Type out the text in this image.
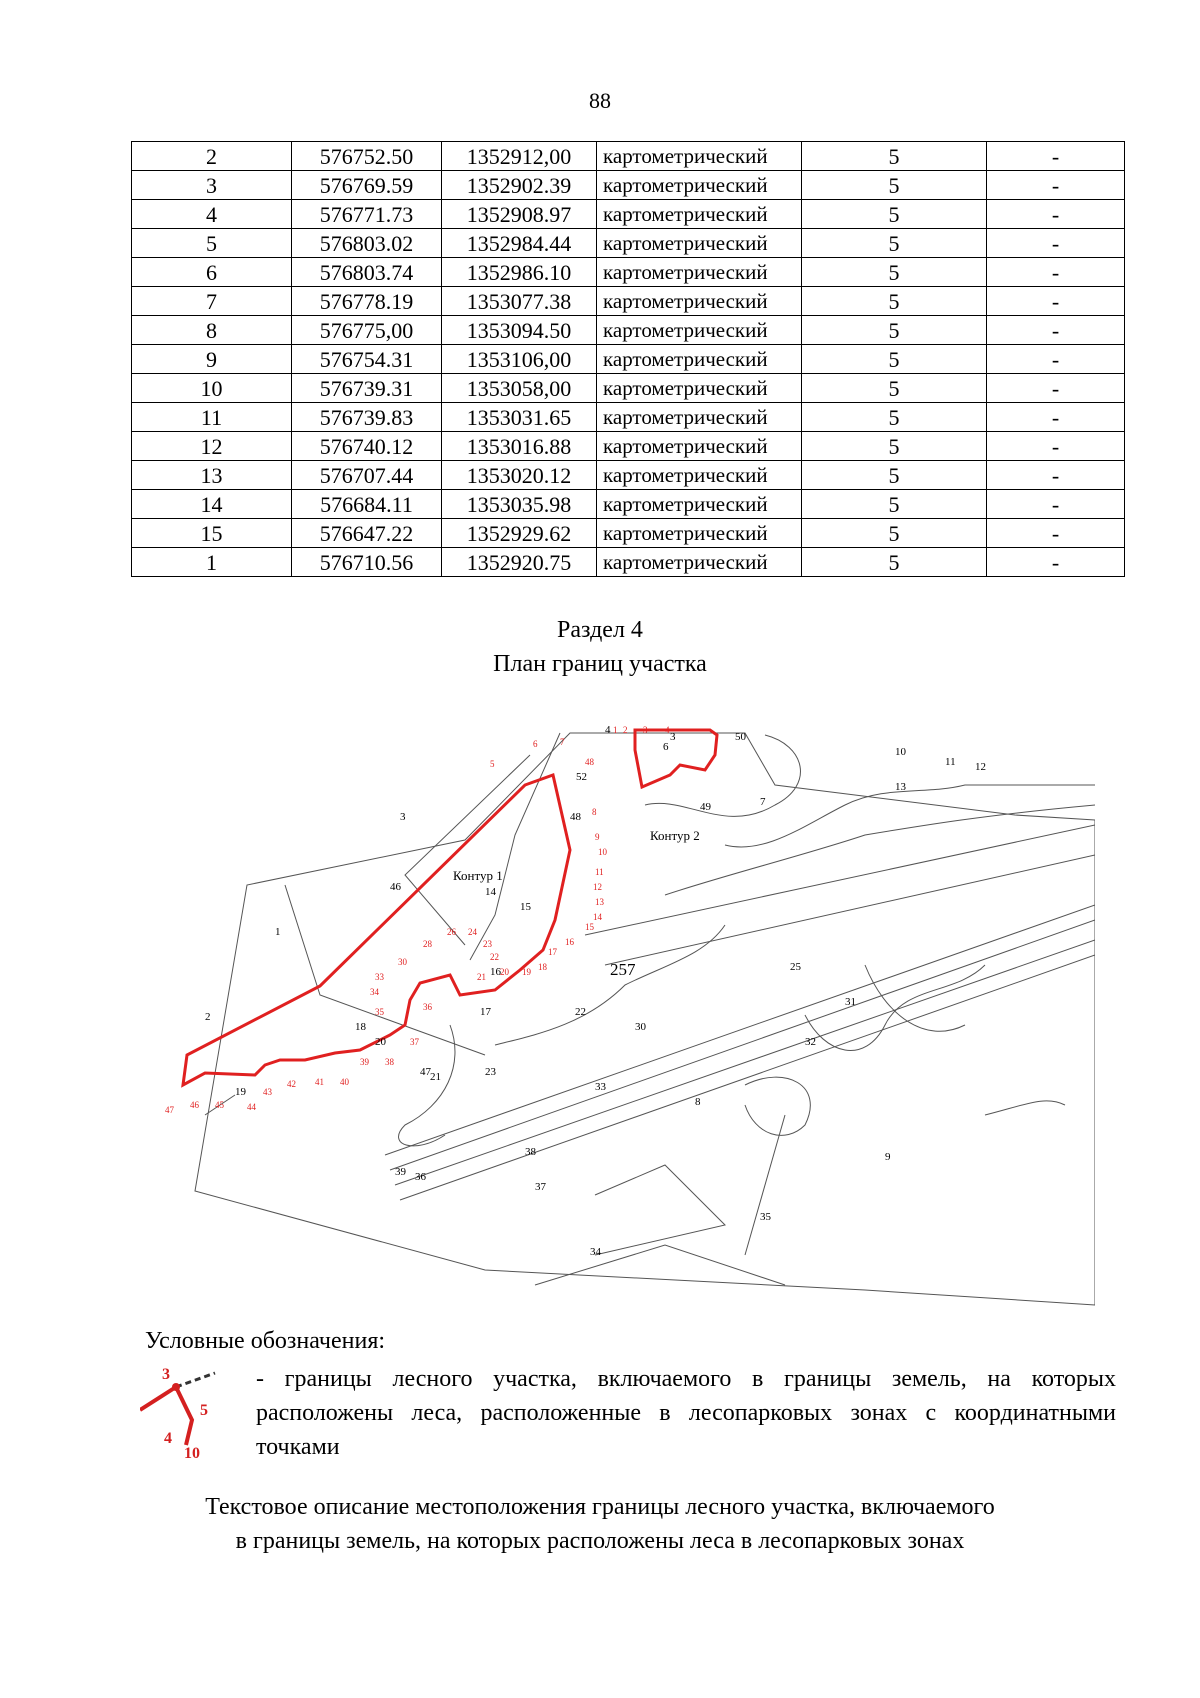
88
2	576752.50	1352912,00	картометрический	5	-
3	576769.59	1352902.39	картометрический	5	-
4	576771.73	1352908.97	картометрический	5	-
5	576803.02	1352984.44	картометрический	5	-
6	576803.74	1352986.10	картометрический	5	-
7	576778.19	1353077.38	картометрический	5	-
8	576775,00	1353094.50	картометрический	5	-
9	576754.31	1353106,00	картометрический	5	-
10	576739.31	1353058,00	картометрический	5	-
11	576739.83	1353031.65	картометрический	5	-
12	576740.12	1353016.88	картометрический	5	-
13	576707.44	1353020.12	картометрический	5	-
14	576684.11	1353035.98	картометрический	5	-
15	576647.22	1352929.62	картометрический	5	-
1	576710.56	1352920.75	картометрический	5	-
Раздел 4
План границ участка
Контур 1
Контур 2
257
1
2
3
4
46
15
16
17
18
19
20
21
22
23
25
30
31
32
33
34
35
36
37
38
39
8
9
10
11 12
13
14
47
48
49
50
52
6
7
3
1 2 3 4
5
6	7
8
9
10
11
12
13
14
15
16
17
18
19
20
21
22
23
24
26
28
30
33
34
35	36
37
38
39
40
41
42
43
44
45
46
47
48
Условные обозначения:
3
5
4
10
- границы лесного участка, включаемого в границы земель, на которых расположены леса, расположенные в лесопарковых зонах с координатными точками
Текстовое описание местоположения границы лесного участка, включаемого
в границы земель, на которых расположены леса в лесопарковых зонах
